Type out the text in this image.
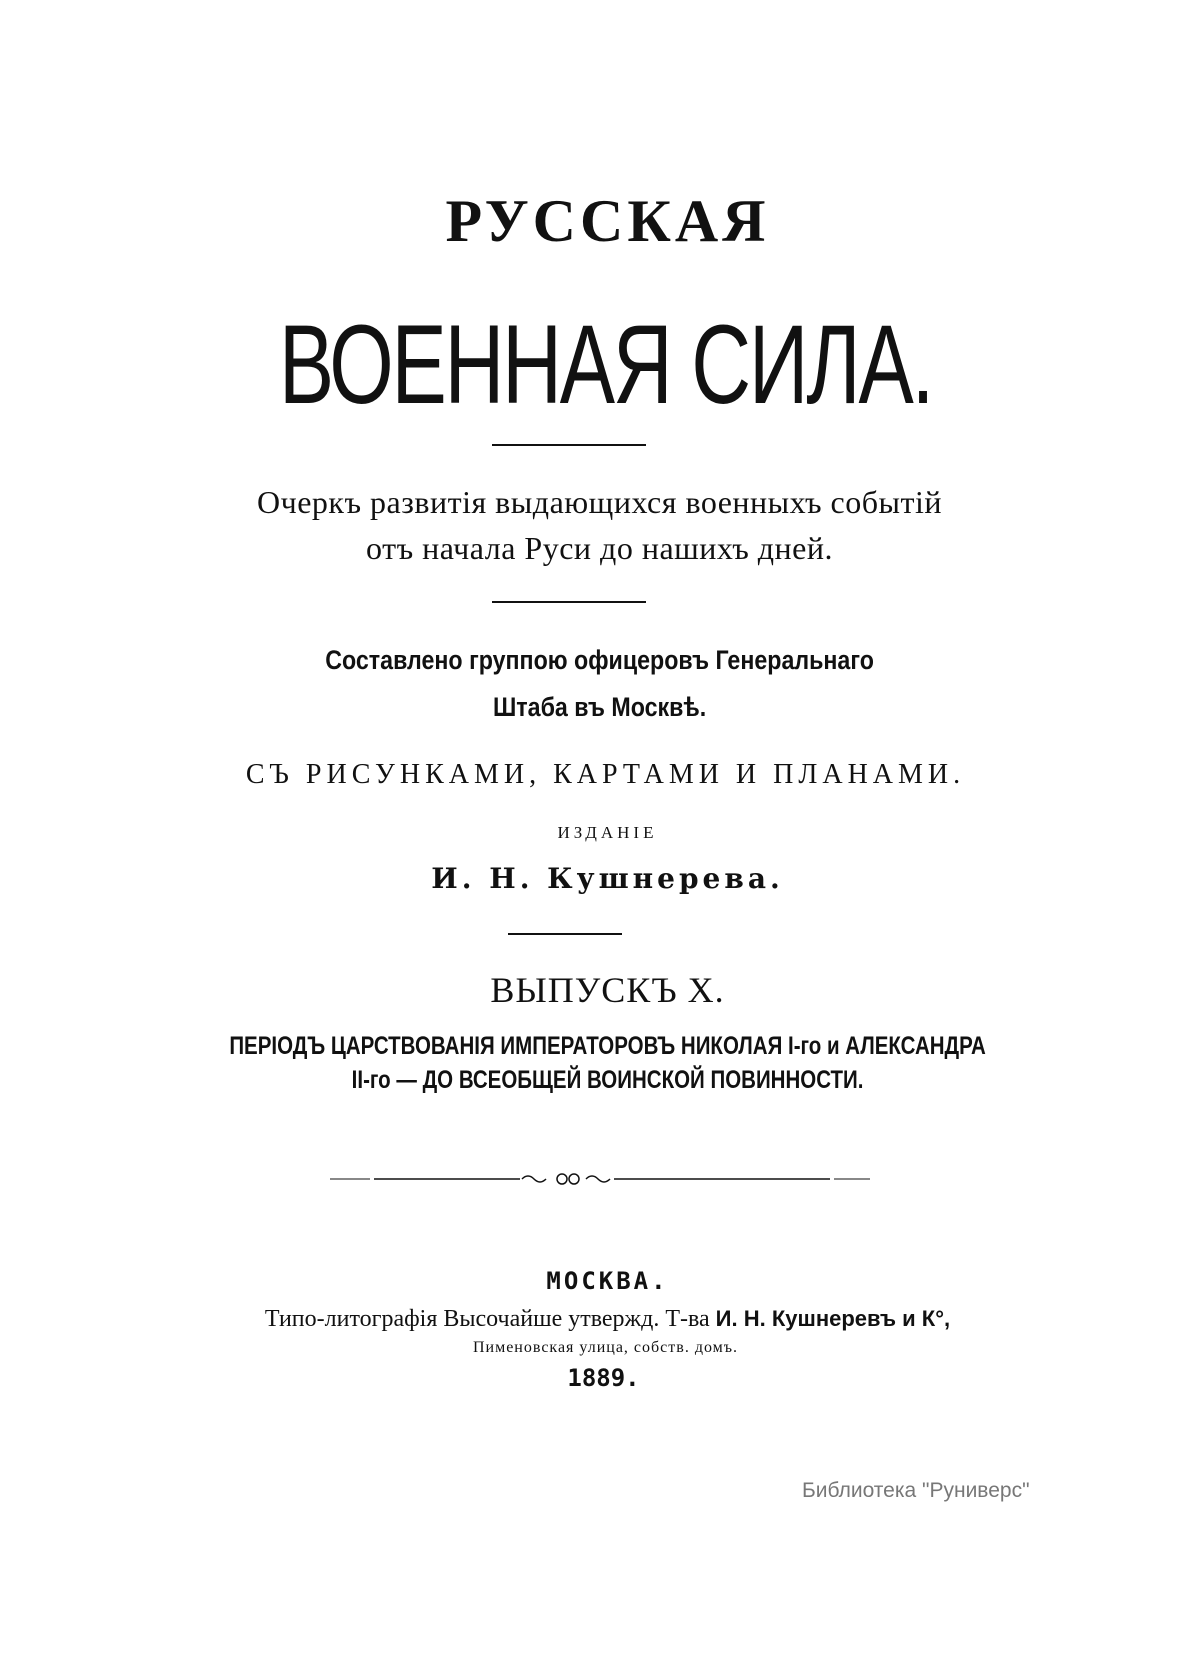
РУССКАЯ
ВОЕННАЯ СИЛА.
Очеркъ развитія выдающихся военныхъ событій
отъ начала Руси до нашихъ дней.
Составлено группою офицеровъ Генеральнаго
Штаба въ Москвѣ.
СЪ РИСУНКАМИ, КАРТАМИ И ПЛАНАМИ.
ИЗДАНІЕ
И. Н. Кушнерева.
ВЫПУСКЪ X.
ПЕРІОДЪ ЦАРСТВОВАНІЯ ИМПЕРАТОРОВЪ НИКОЛАЯ І-го и АЛЕКСАНДРА
II-го — ДО ВСЕОБЩЕЙ ВОИНСКОЙ ПОВИННОСТИ.
МОСКВА.
Типо-литографія Высочайше утвержд. Т-ва И. Н. Кушнеревъ и К°,
Пименовская улица, собств. домъ.
1889.
Библиотека "Руниверс"
